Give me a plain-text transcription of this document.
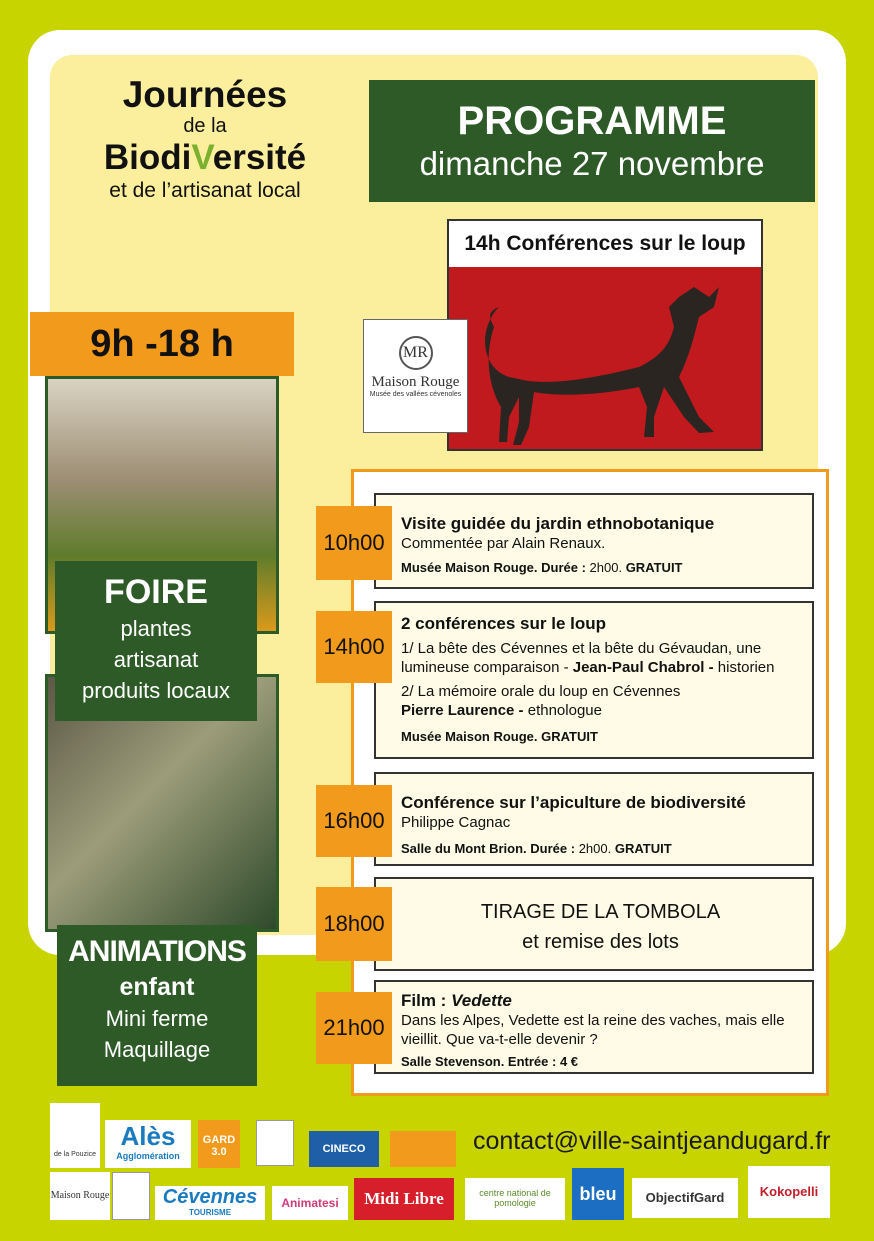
Journées
de la
BiodiVersité
et de l’artisanat local
PROGRAMME
dimanche 27 novembre
14h Conférences sur le loup
MR
Maison Rouge
Musée des vallées cévenoles
9h -18 h
FOIRE
plantes
artisanat
produits locaux
ANIMATIONS
enfant
Mini ferme
Maquillage
Visite guidée du jardin ethnobotanique
Commentée par Alain Renaux.
Musée Maison Rouge. Durée : 2h00. GRATUIT
10h00
2 conférences sur le loup
1/ La bête des Cévennes et la bête du Gévaudan, une lumineuse comparaison - Jean-Paul Chabrol - historien
2/ La mémoire orale du loup en Cévennes
Pierre Laurence - ethnologue
Musée Maison Rouge. GRATUIT
14h00
Conférence sur l’apiculture de biodiversité
Philippe Cagnac
Salle du Mont Brion. Durée : 2h00. GRATUIT
16h00
TIRAGE DE LA TOMBOLA
et remise des lots
18h00
Film : Vedette
Dans les Alpes, Vedette est la reine des vaches, mais elle vieillit. Que va-t-elle devenir ?
Salle Stevenson. Entrée : 4 €
21h00
contact@ville-saintjeandugard.fr
de la Pouzice
Alès
Agglomération
GARD 3.0	CINECO
Maison Rouge	Cévennes
TOURISME
Animatesi	Midi Libre	centre national de pomologie	bleu	ObjectifGard	Kokopelli
